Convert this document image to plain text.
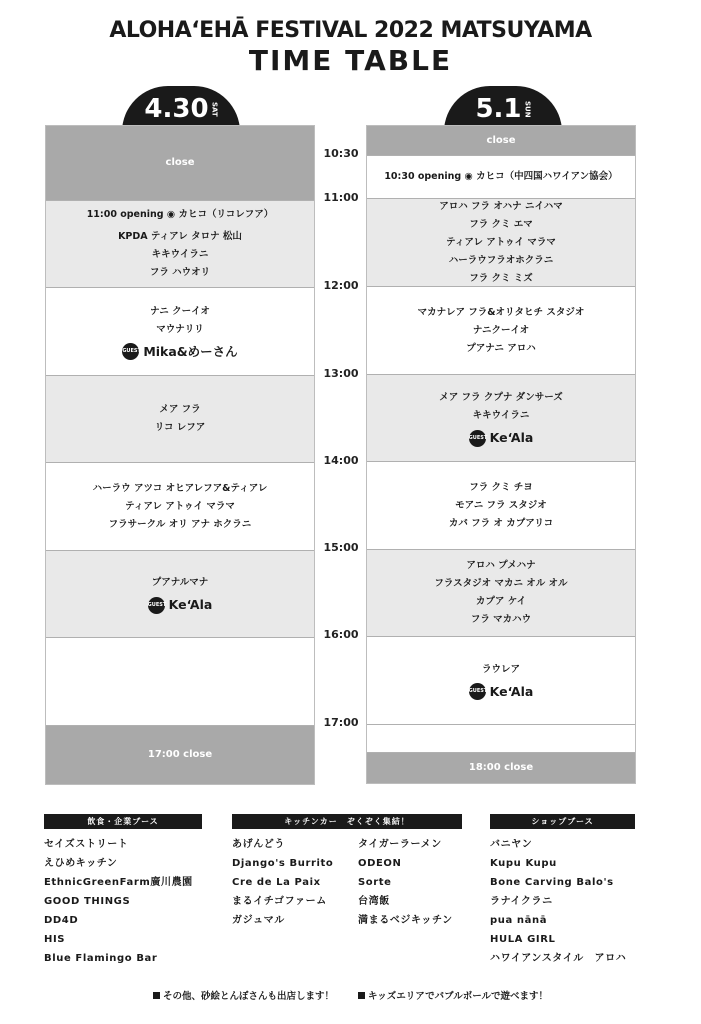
ALOHA‘EHĀ FESTIVAL 2022 MATSUYAMA
TIME TABLE
4.30 SAT	5.1 SUN
close
11:00 opening ◉ カヒコ（リコレフア）
KPDA ティアレ タロナ 松山
キキウイラニ
フラ ハウオリ
ナニ クーイオ
マウナリリ
GUEST Mika&めーさん
メア フラ
リコ レフア
ハーラウ アツコ オヒアレフア&ティアレ
ティアレ アトゥイ マラマ
フラサークル オリ アナ ホクラニ
プアナルマナ
GUEST Ke‘Ala
17:00 close
10:30
11:00
12:00
13:00
14:00
15:00
16:00
17:00
close
10:30 opening ◉ カヒコ（中四国ハワイアン協会）
アロハ フラ オハナ ニイハマ
フラ クミ エマ
ティアレ アトゥイ マラマ
ハーラウフラオホクラニ
フラ クミ ミズ
マカナレア フラ&オリタヒチ スタジオ
ナニクーイオ
プアナニ アロハ
メア フラ クプナ ダンサーズ
キキウイラニ
GUEST Ke‘Ala
フラ クミ チヨ
モアニ フラ スタジオ
カバ フラ オ カプアリコ
アロハ プメハナ
フラスタジオ マカニ オル オル
カプア ケイ
フラ マカハウ
ラウレア
GUEST Ke‘Ala
18:00 close
飲食・企業ブース
セイズストリート
えひめキッチン
EthnicGreenFarm廣川農園
GOOD THINGS
DD4D
HIS
Blue Flamingo Bar
キッチンカー　ぞくぞく集結！
あげんどう
Django's Burrito
Cre de La Paix
まるイチゴファーム
ガジュマル
タイガーラーメン
ODEON
Sorte
台湾飯
満まるベジキッチン
ショップブース
バニヤン
Kupu Kupu
Bone Carving Balo's
ラナイクラニ
pua nānā
HULA GIRL
ハワイアンスタイル　アロハ
その他、砂絵とんぼさんも出店します！	キッズエリアでバブルボールで遊べます！
